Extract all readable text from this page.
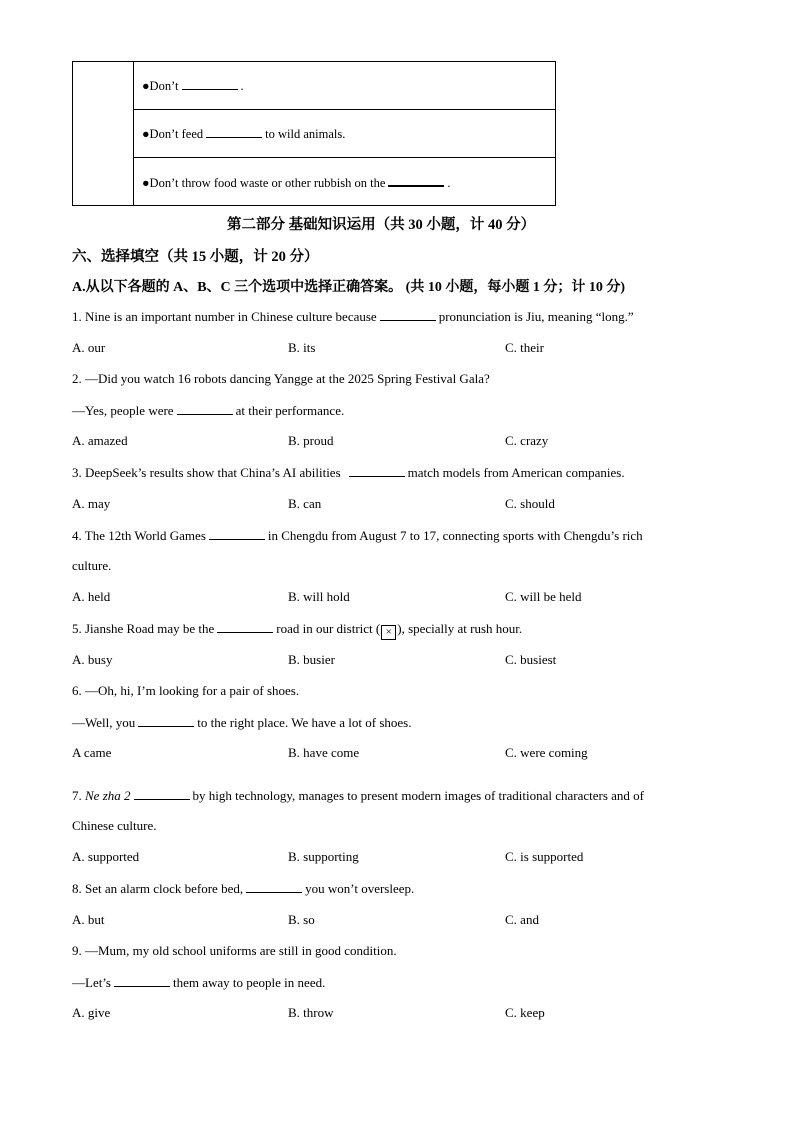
	●Don’t	.
●Don’t feed	to wild animals.
●Don’t throw food waste or other rubbish on the	.
第二部分 基础知识运用（共 30 小题，计 40 分）
六、选择填空（共 15 小题，计 20 分）
A.从以下各题的 A、B、C 三个选项中选择正确答案。 (共 10 小题，每小题 1 分；计 10 分)
1. Nine is an important number in Chinese culture because	pronunciation is Jiu, meaning “long.”
A. our	B. its	C. their
2. —Did you watch 16 robots dancing Yangge at the 2025 Spring Festival Gala?
—Yes, people were	at their performance.
A. amazed	B. proud	C. crazy
3. DeepSeek’s results show that China’s AI abilities	match models from American companies.
A. may	B. can	C. should
4. The 12th World Games	in Chengdu from August 7 to 17, connecting sports with Chengdu’s rich
culture.
A. held	B. will hold	C. will be held
5. Jianshe Road may be the	road in our district ( × ), specially at rush hour.
A. busy	B. busier	C. busiest
6. —Oh, hi, I’m looking for a pair of shoes.
—Well, you	to the right place. We have a lot of shoes.
A came	B. have come	C. were coming
7. Ne zha 2	by high technology, manages to present modern images of traditional characters and of
Chinese culture.
A. supported	B. supporting	C. is supported
8. Set an alarm clock before bed,	you won’t oversleep.
A. but	B. so	C. and
9. —Mum, my old school uniforms are still in good condition.
—Let’s	them away to people in need.
A. give	B. throw	C. keep
